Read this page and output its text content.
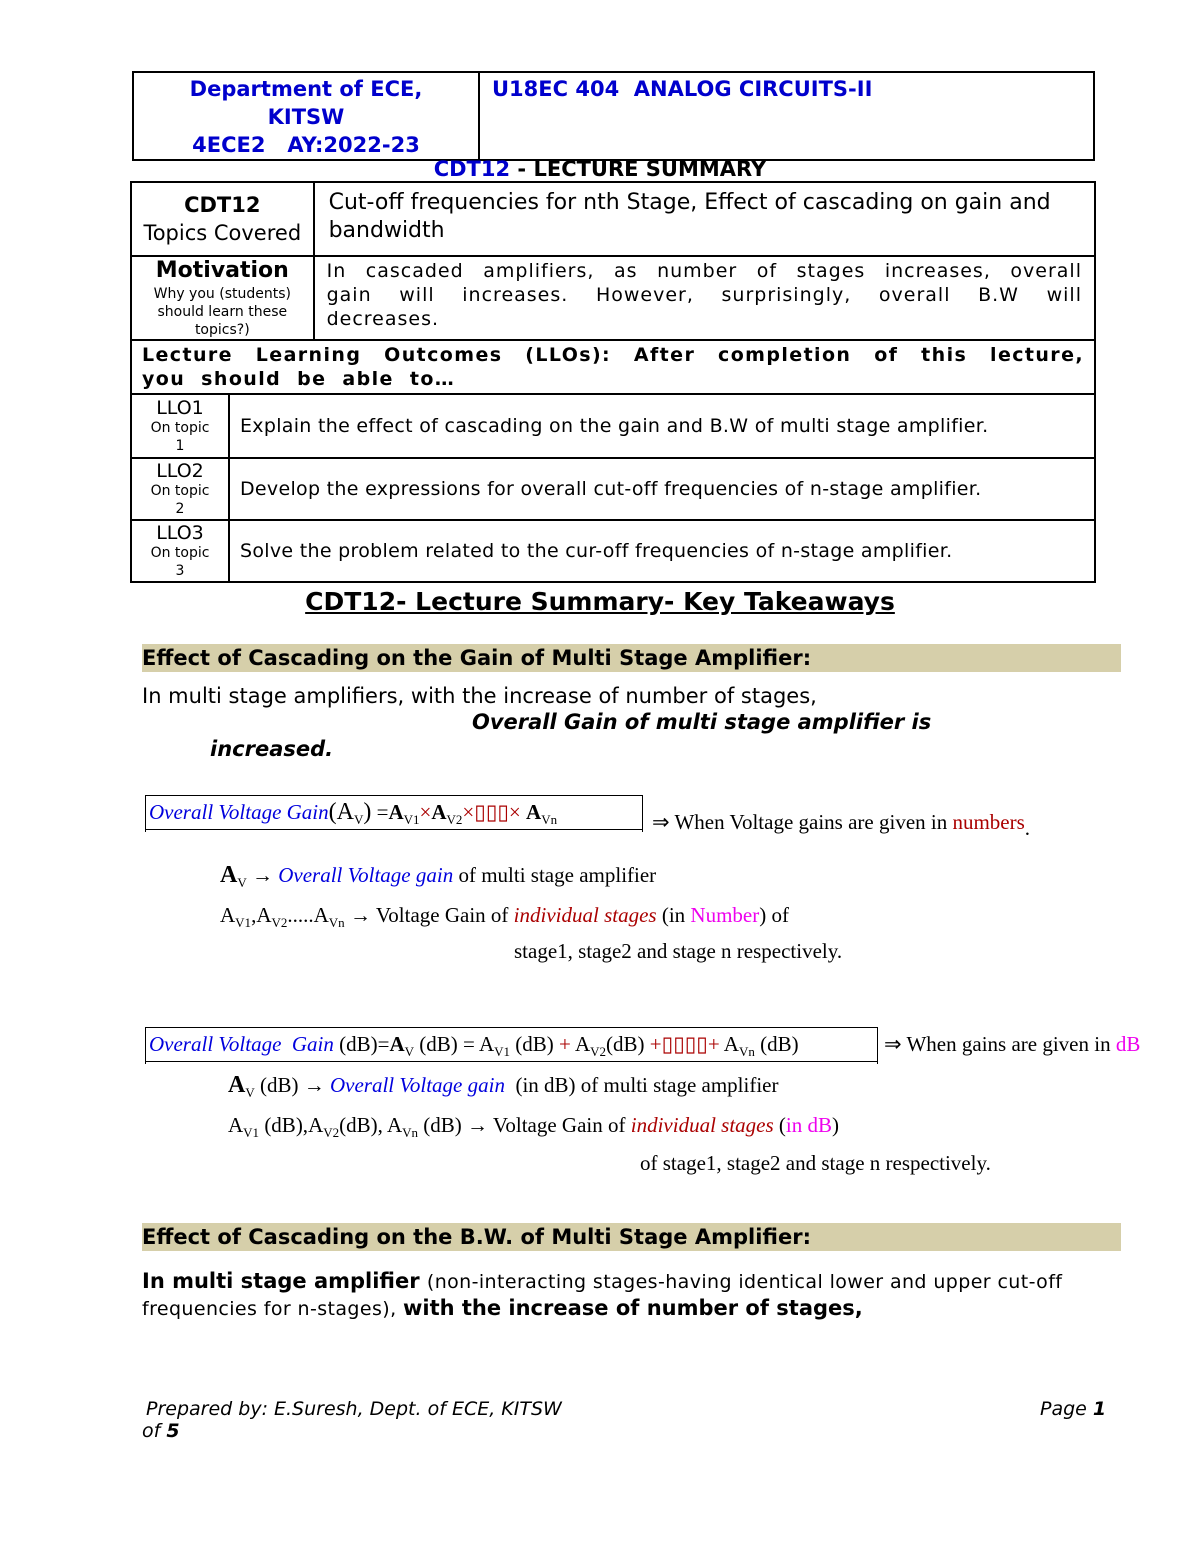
Department of ECE,
KITSW
4ECE2   AY:2022-23
	U18EC 404  ANALOG CIRCUITS-II
CDT12 - LECTURE SUMMARY
CDT12
Topics Covered		Cut-off frequencies for nth Stage, Effect of cascading on gain and bandwidth

Motivation
Why you (students) should learn these topics?)		In cascaded amplifiers, as number of stages increases, overall gain will increases. However, surprisingly, overall B.W will decreases.
Lecture Learning Outcomes (LLOs): After completion of this lecture, you should be able to…		

LLO1
On topic 1	Explain the effect of cascading on the gain and B.W of multi stage amplifier.	

LLO2
On topic 2	Develop the expressions for overall cut-off frequencies of n-stage amplifier.	

LLO3
On topic 3	Solve the problem related to the cur-off frequencies of n-stage amplifier.	
CDT12- Lecture Summary- Key Takeaways
Effect of Cascading on the Gain of Multi Stage Amplifier:
In multi stage amplifiers, with the increase of number of stages,
Overall Gain of multi stage amplifier is
increased.
Overall Voltage $Gain(A_V)$ $=A_{V1}\times A_{V2}\times▯▯▯\times A_{Vn}$	⇒ When Voltage gains are given in numbers.
$A_V$ → Overall Voltage gain of multi stage amplifier
$A_{V1},A_{V2}.....A_{Vn}$ → Voltage Gain of individual stages (in Number) of
stage1, stage2 and stage n respectively.
Overall Voltage  Gain $(dB)=A_V$ $(dB) = A_{V1}$ $(dB) + A_{V2}(dB)$ +▯▯▯▯+ $A_{Vn}$ (dB)	⇒ When gains are given in dB
$A_V$ (dB) → Overall Voltage gain  (in dB) of multi stage amplifier
$A_{V1}$ $(dB),A_{V2}(dB)$, $A_{Vn}$ (dB) → Voltage Gain of individual stages (in dB)
of stage1, stage2 and stage n respectively.
Effect of Cascading on the B.W. of Multi Stage Amplifier:
In multi stage amplifier (non-interacting stages-having identical lower and upper cut-off
frequencies for n-stages), with the increase of number of stages,
Prepared by: E.Suresh, Dept. of ECE, KITSW	Page 1
of 5
